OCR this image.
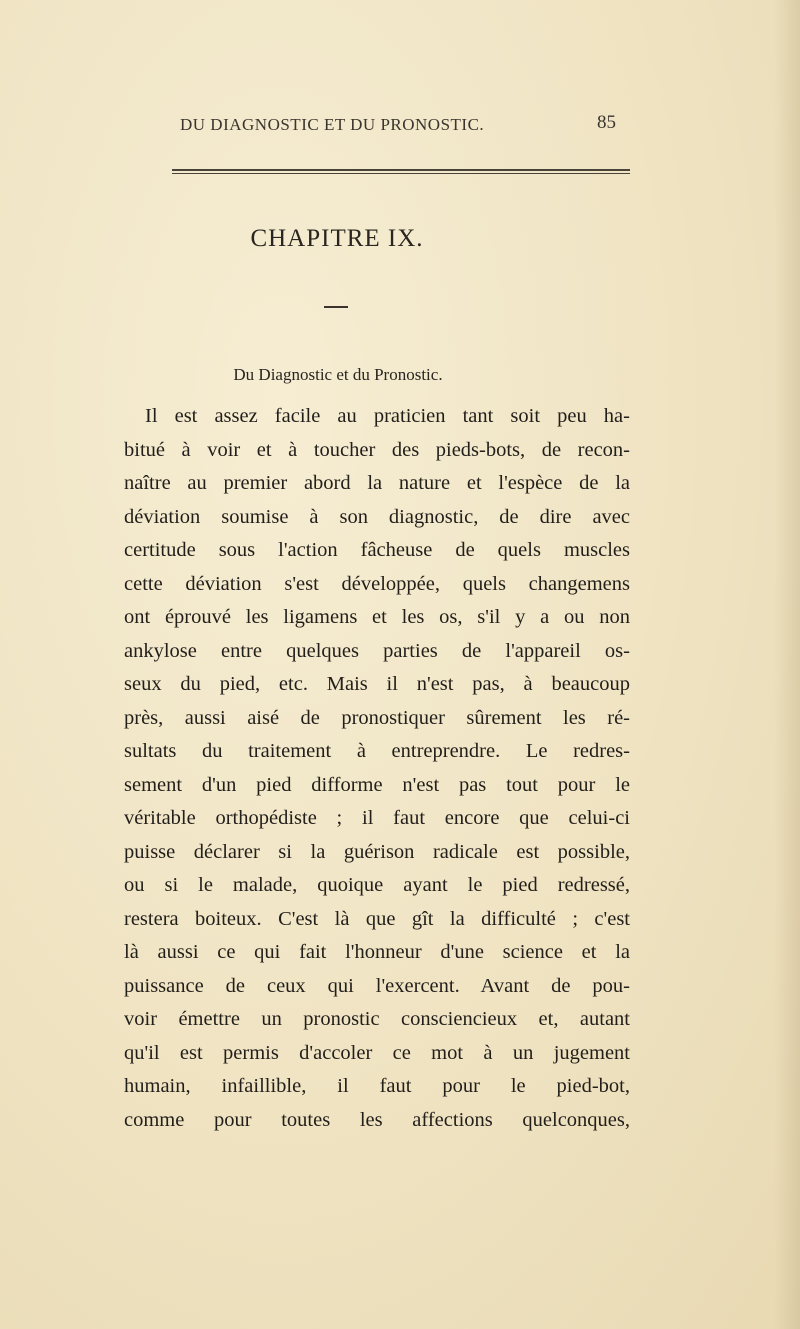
DU DIAGNOSTIC ET DU PRONOSTIC.	85
CHAPITRE IX.
Du Diagnostic et du Pronostic.
Il est assez facile au praticien tant soit peu ha-
bitué à voir et à toucher des pieds-bots, de recon-
naître au premier abord la nature et l'espèce de la
déviation soumise à son diagnostic, de dire avec
certitude sous l'action fâcheuse de quels muscles
cette déviation s'est développée, quels changemens
ont éprouvé les ligamens et les os, s'il y a ou non
ankylose entre quelques parties de l'appareil os-
seux du pied, etc. Mais il n'est pas, à beaucoup
près, aussi aisé de pronostiquer sûrement les ré-
sultats du traitement à entreprendre. Le redres-
sement d'un pied difforme n'est pas tout pour le
véritable orthopédiste ; il faut encore que celui-ci
puisse déclarer si la guérison radicale est possible,
ou si le malade, quoique ayant le pied redressé,
restera boiteux. C'est là que gît la difficulté ; c'est
là aussi ce qui fait l'honneur d'une science et la
puissance de ceux qui l'exercent. Avant de pou-
voir émettre un pronostic consciencieux et, autant
qu'il est permis d'accoler ce mot à un jugement
humain, infaillible, il faut pour le pied-bot,
comme pour toutes les affections quelconques,
